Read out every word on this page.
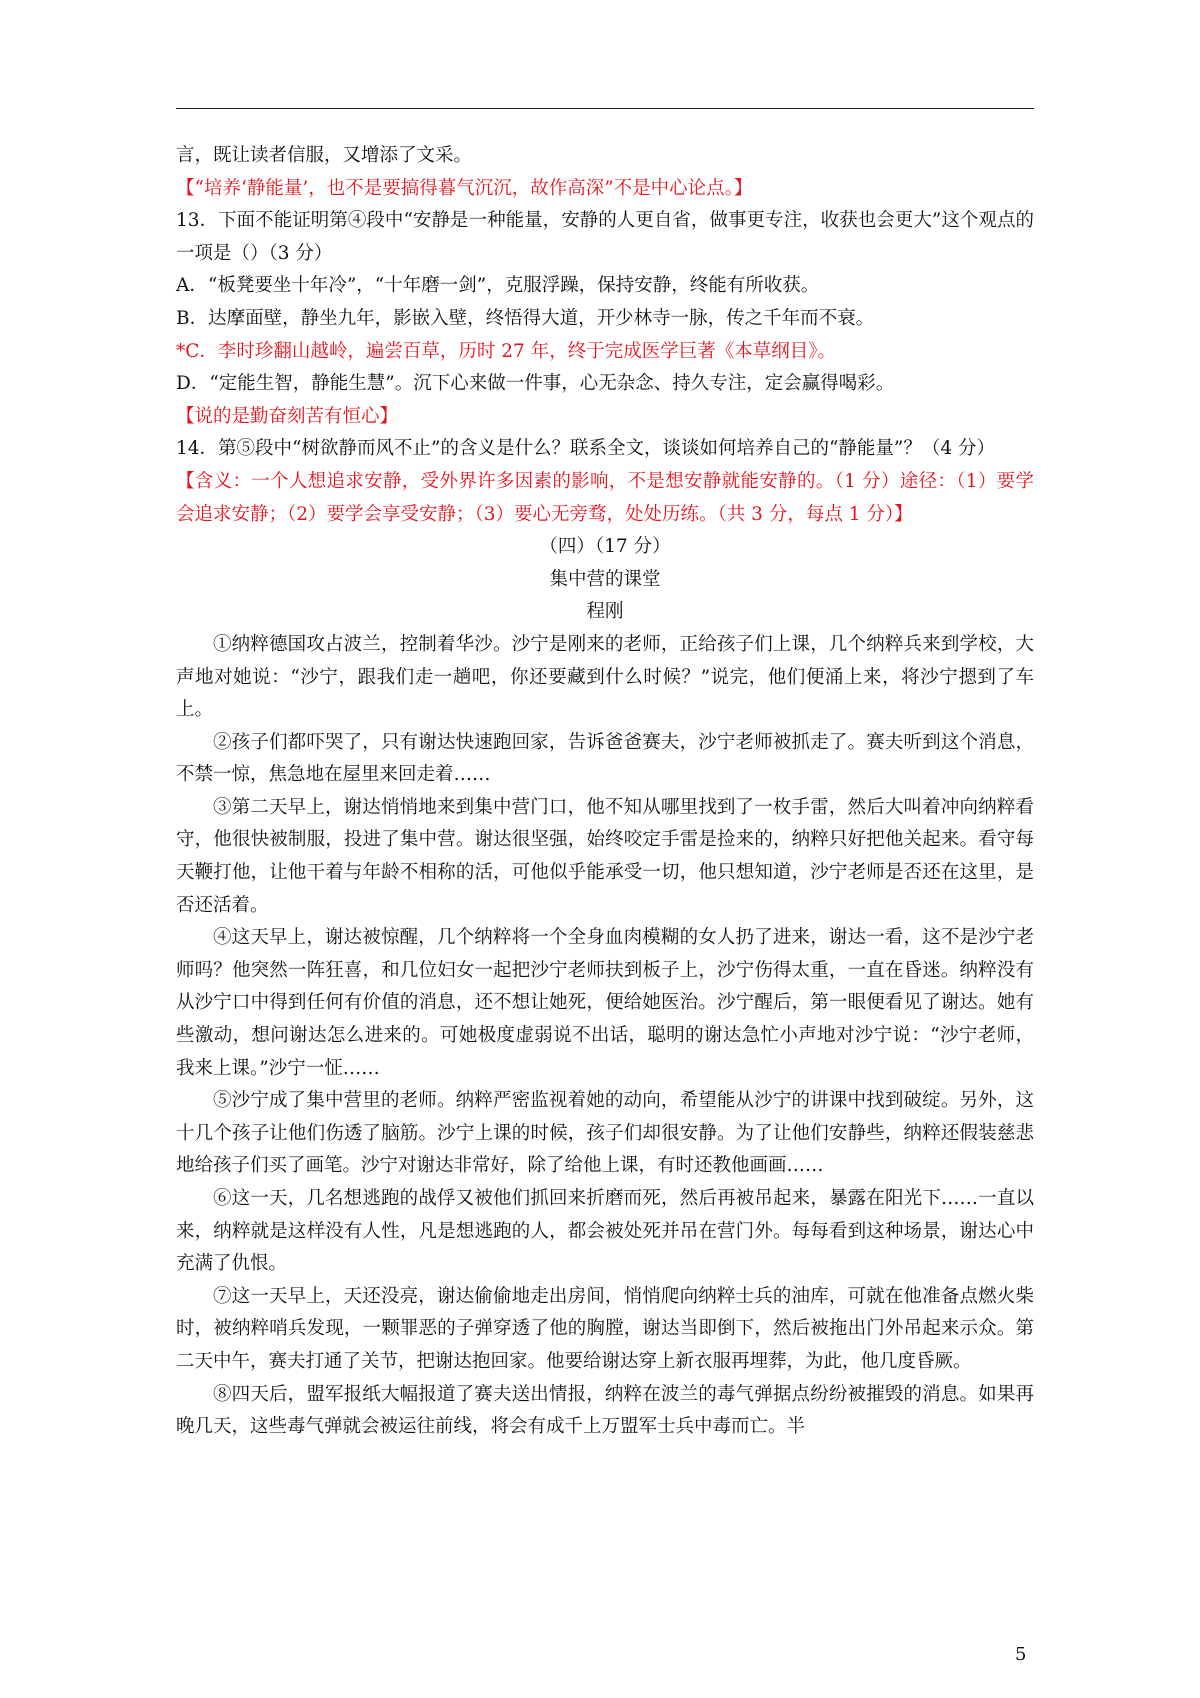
言，既让读者信服，又增添了文采。

【“培养‘静能量’，也不是要搞得暮气沉沉，故作高深”不是中心论点。】

13．下面不能证明第④段中“安静是一种能量，安静的人更自省，做事更专注，收获也会更大”这个观点的一项是（）（3 分）

A．“板凳要坐十年冷”，“十年磨一剑”，克服浮躁，保持安静，终能有所收获。

B．达摩面壁，静坐九年，影嵌入壁，终悟得大道，开少林寺一脉，传之千年而不衰。

*C．李时珍翻山越岭，遍尝百草，历时 27 年，终于完成医学巨著《本草纲目》。

D．“定能生智，静能生慧”。沉下心来做一件事，心无杂念、持久专注，定会赢得喝彩。

【说的是勤奋刻苦有恒心】

14．第⑤段中“树欲静而风不止”的含义是什么？联系全文，谈谈如何培养自己的“静能量”？（4 分）

【含义：一个人想追求安静，受外界许多因素的影响，不是想安静就能安静的。（1 分）途径：（1）要学会追求安静；（2）要学会享受安静；（3）要心无旁骛，处处历练。（共 3 分，每点 1 分）】

（四）（17 分）

集中营的课堂

程刚

①纳粹德国攻占波兰，控制着华沙。沙宁是刚来的老师，正给孩子们上课，几个纳粹兵来到学校，大声地对她说：“沙宁，跟我们走一趟吧，你还要藏到什么时候？”说完，他们便涌上来，将沙宁摁到了车上。

②孩子们都吓哭了，只有谢达快速跑回家，告诉爸爸赛夫，沙宁老师被抓走了。赛夫听到这个消息，不禁一惊，焦急地在屋里来回走着……

③第二天早上，谢达悄悄地来到集中营门口，他不知从哪里找到了一枚手雷，然后大叫着冲向纳粹看守，他很快被制服，投进了集中营。谢达很坚强，始终咬定手雷是捡来的，纳粹只好把他关起来。看守每天鞭打他，让他干着与年龄不相称的活，可他似乎能承受一切，他只想知道，沙宁老师是否还在这里，是否还活着。

④这天早上，谢达被惊醒，几个纳粹将一个全身血肉模糊的女人扔了进来，谢达一看，这不是沙宁老师吗？他突然一阵狂喜，和几位妇女一起把沙宁老师扶到板子上，沙宁伤得太重，一直在昏迷。纳粹没有从沙宁口中得到任何有价值的消息，还不想让她死，便给她医治。沙宁醒后，第一眼便看见了谢达。她有些激动，想问谢达怎么进来的。可她极度虚弱说不出话，聪明的谢达急忙小声地对沙宁说：“沙宁老师，我来上课。”沙宁一怔……

⑤沙宁成了集中营里的老师。纳粹严密监视着她的动向，希望能从沙宁的讲课中找到破绽。另外，这十几个孩子让他们伤透了脑筋。沙宁上课的时候，孩子们却很安静。为了让他们安静些，纳粹还假装慈悲地给孩子们买了画笔。沙宁对谢达非常好，除了给他上课，有时还教他画画……

⑥这一天，几名想逃跑的战俘又被他们抓回来折磨而死，然后再被吊起来，暴露在阳光下……一直以来，纳粹就是这样没有人性，凡是想逃跑的人，都会被处死并吊在营门外。每每看到这种场景，谢达心中充满了仇恨。

⑦这一天早上，天还没亮，谢达偷偷地走出房间，悄悄爬向纳粹士兵的油库，可就在他准备点燃火柴时，被纳粹哨兵发现，一颗罪恶的子弹穿透了他的胸膛，谢达当即倒下，然后被拖出门外吊起来示众。第二天中午，赛夫打通了关节，把谢达抱回家。他要给谢达穿上新衣服再埋葬，为此，他几度昏厥。

⑧四天后，盟军报纸大幅报道了赛夫送出情报，纳粹在波兰的毒气弹据点纷纷被摧毁的消息。如果再晚几天，这些毒气弹就会被运往前线，将会有成千上万盟军士兵中毒而亡。半

5
